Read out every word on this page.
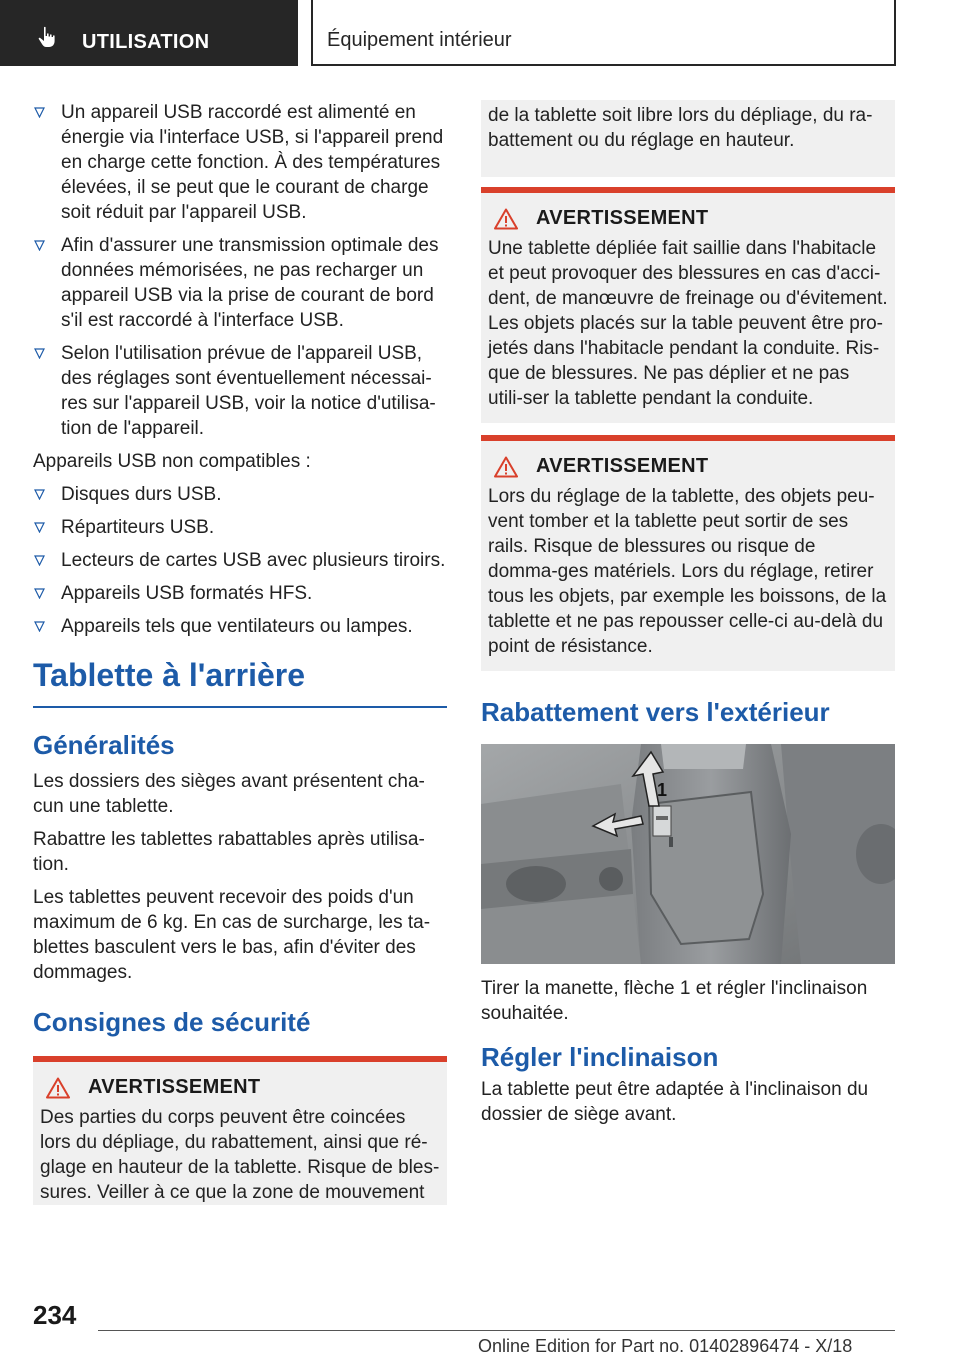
UTILISATION	Équipement intérieur
Un appareil USB raccordé est alimenté en énergie via l'interface USB, si l'appareil prend en charge cette fonction. À des températures élevées, il se peut que le courant de charge soit réduit par l'appareil USB.
Afin d'assurer une transmission optimale des données mémorisées, ne pas recharger un appareil USB via la prise de courant de bord s'il est raccordé à l'interface USB.
Selon l'utilisation prévue de l'appareil USB, des réglages sont éventuellement nécessai-res sur l'appareil USB, voir la notice d'utilisa-tion de l'appareil.

Appareils USB non compatibles :

Disques durs USB.
Répartiteurs USB.
Lecteurs de cartes USB avec plusieurs tiroirs.
Appareils USB formatés HFS.
Appareils tels que ventilateurs ou lampes.
Tablette à l'arrière
Généralités

Les dossiers des sièges avant présentent cha-cun une tablette.

Rabattre les tablettes rabattables après utilisa-tion.

Les tablettes peuvent recevoir des poids d'un maximum de 6 kg. En cas de surcharge, les ta-blettes basculent vers le bas, afin d'éviter des dommages.

Consignes de sécurité
AVERTISSEMENT

Des parties du corps peuvent être coincées lors du dépliage, du rabattement, ainsi que ré-glage en hauteur de la tablette. Risque de bles-sures. Veiller à ce que la zone de mouvement

de la tablette soit libre lors du dépliage, du ra-battement ou du réglage en hauteur.

AVERTISSEMENT

Une tablette dépliée fait saillie dans l'habitacle et peut provoquer des blessures en cas d'acci-dent, de manœuvre de freinage ou d'évitement. Les objets placés sur la table peuvent être pro-jetés dans l'habitacle pendant la conduite. Ris-que de blessures. Ne pas déplier et ne pas utili-ser la tablette pendant la conduite.

AVERTISSEMENT

Lors du réglage de la tablette, des objets peu-vent tomber et la tablette peut sortir de ses rails. Risque de blessures ou risque de domma-ges matériels. Lors du réglage, retirer tous les objets, par exemple les boissons, de la tablette et ne pas repousser celle-ci au-delà du point de résistance.

Rabattement vers l'extérieur
1

Tirer la manette, flèche 1 et régler l'inclinaison souhaitée.

Régler l'inclinaison

La tablette peut être adaptée à l'inclinaison du dossier de siège avant.

234
Online Edition for Part no. 01402896474 - X/18
